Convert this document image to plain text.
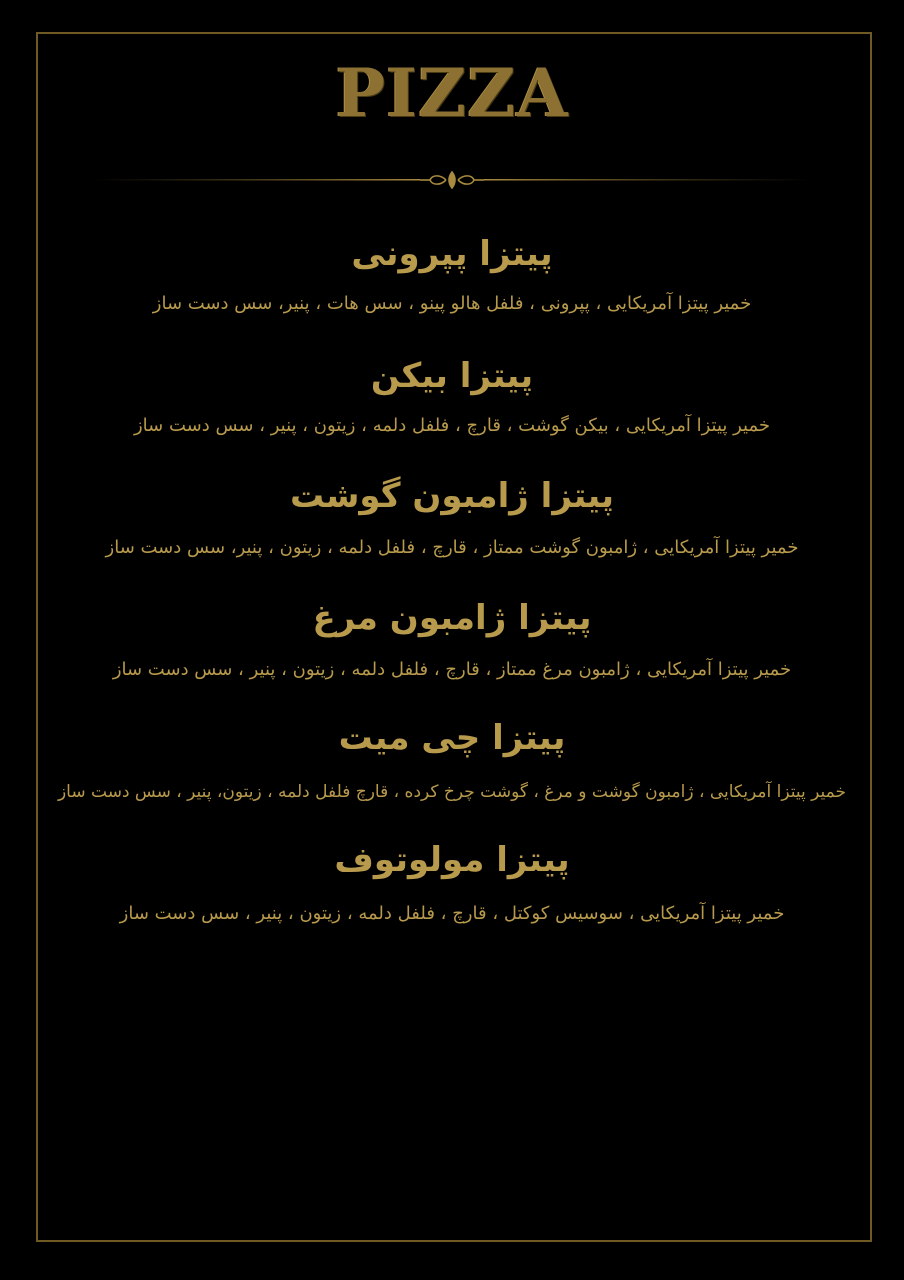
PIZZA
پیتزا پپرونی
خمیر پیتزا آمریکایی ، پپرونی ، فلفل هالو پینو ، سس هات ، پنیر، سس دست ساز
پیتزا بیکن
خمیر پیتزا آمریکایی ، بیکن گوشت ، قارچ ، فلفل دلمه ، زیتون ، پنیر ، سس دست ساز
پیتزا ژامبون گوشت
خمیر پیتزا آمریکایی ، ژامبون گوشت ممتاز ، قارچ ، فلفل دلمه ، زیتون ، پنیر، سس دست ساز
پیتزا ژامبون مرغ
خمیر پیتزا آمریکایی ، ژامبون مرغ ممتاز ، قارچ ، فلفل دلمه ، زیتون ، پنیر ، سس دست ساز
پیتزا چی میت
خمیر پیتزا آمریکایی ، ژامبون گوشت و مرغ ، گوشت چرخ کرده ، قارچ فلفل دلمه ، زیتون، پنیر ، سس دست ساز
پیتزا مولوتوف
خمیر پیتزا آمریکایی ، سوسیس کوکتل ، قارچ ، فلفل دلمه ، زیتون ، پنیر ، سس دست ساز
